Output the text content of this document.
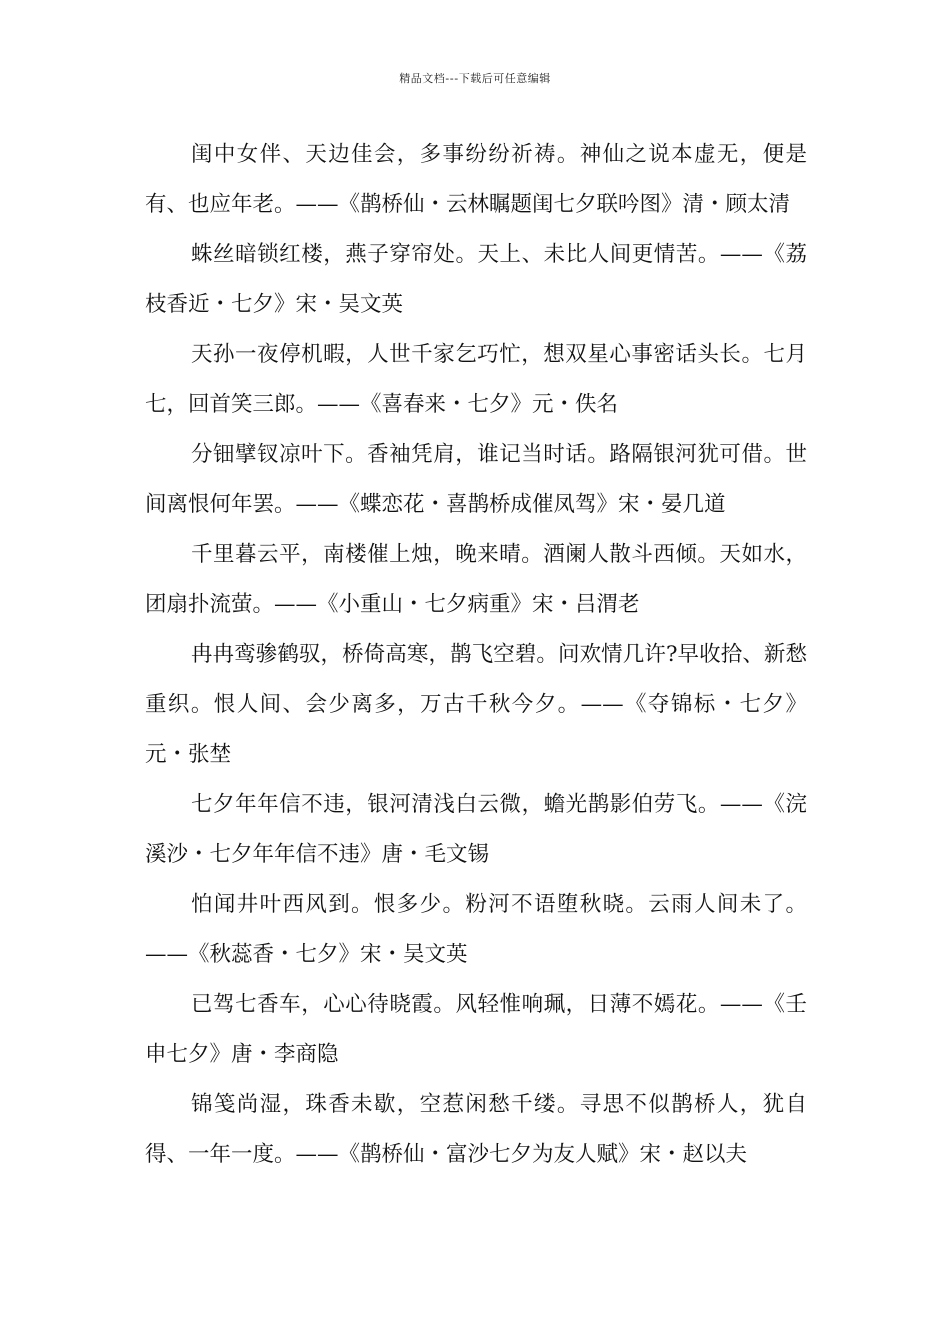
精品文档---下载后可任意编辑

闺中女伴、天边佳会，多事纷纷祈祷。神仙之说本虚无，便是有、也应年老。——《鹊桥仙・云林瞩题闺七夕联吟图》清・顾太清

蛛丝暗锁红楼，燕子穿帘处。天上、未比人间更情苦。——《荔枝香近・七夕》宋・吴文英

天孙一夜停机暇，人世千家乞巧忙，想双星心事密话头长。七月七，回首笑三郎。——《喜春来・七夕》元・佚名

分钿擘钗凉叶下。香袖凭肩，谁记当时话。路隔银河犹可借。世间离恨何年罢。——《蝶恋花・喜鹊桥成催凤驾》宋・晏几道

千里暮云平，南楼催上烛，晚来晴。酒阑人散斗西倾。天如水，团扇扑流萤。——《小重山・七夕病重》宋・吕渭老

冉冉鸾骖鹤驭，桥倚高寒，鹊飞空碧。问欢情几许?早收拾、新愁重织。恨人间、会少离多，万古千秋今夕。——《夺锦标・七夕》元・张埜

七夕年年信不违，银河清浅白云微，蟾光鹊影伯劳飞。——《浣溪沙・七夕年年信不违》唐・毛文锡

怕闻井叶西风到。恨多少。粉河不语堕秋晓。云雨人间未了。——《秋蕊香・七夕》宋・吴文英

已驾七香车，心心待晓霞。风轻惟响珮，日薄不嫣花。——《壬申七夕》唐・李商隐

锦笺尚湿，珠香未歇，空惹闲愁千缕。寻思不似鹊桥人，犹自得、一年一度。——《鹊桥仙・富沙七夕为友人赋》宋・赵以夫
